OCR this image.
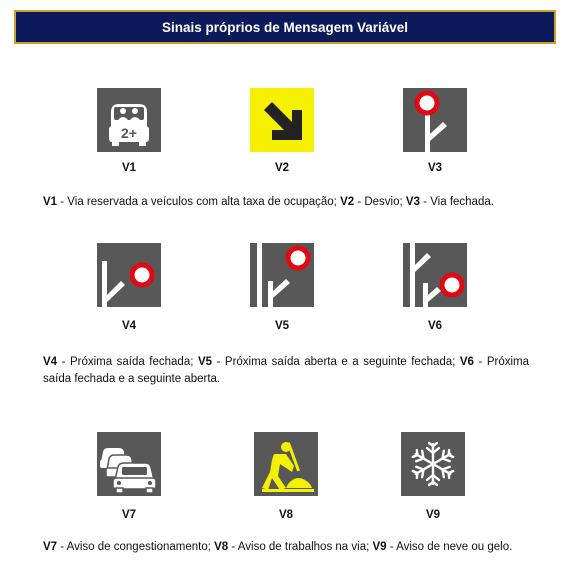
Sinais próprios de Mensagem Variável
2+
V1	V2	V3
V1 - Via reservada a veículos com alta taxa de ocupação; V2 - Desvio; V3 - Via fechada.
V4	V5	V6
V4 - Próxima saída fechada; V5 - Próxima saída aberta e a seguinte fechada; V6 - Próxima saída fechada e a seguinte aberta.
V7	V8	V9
V7 - Aviso de congestionamento; V8 - Aviso de trabalhos na via; V9 - Aviso de neve ou gelo.
